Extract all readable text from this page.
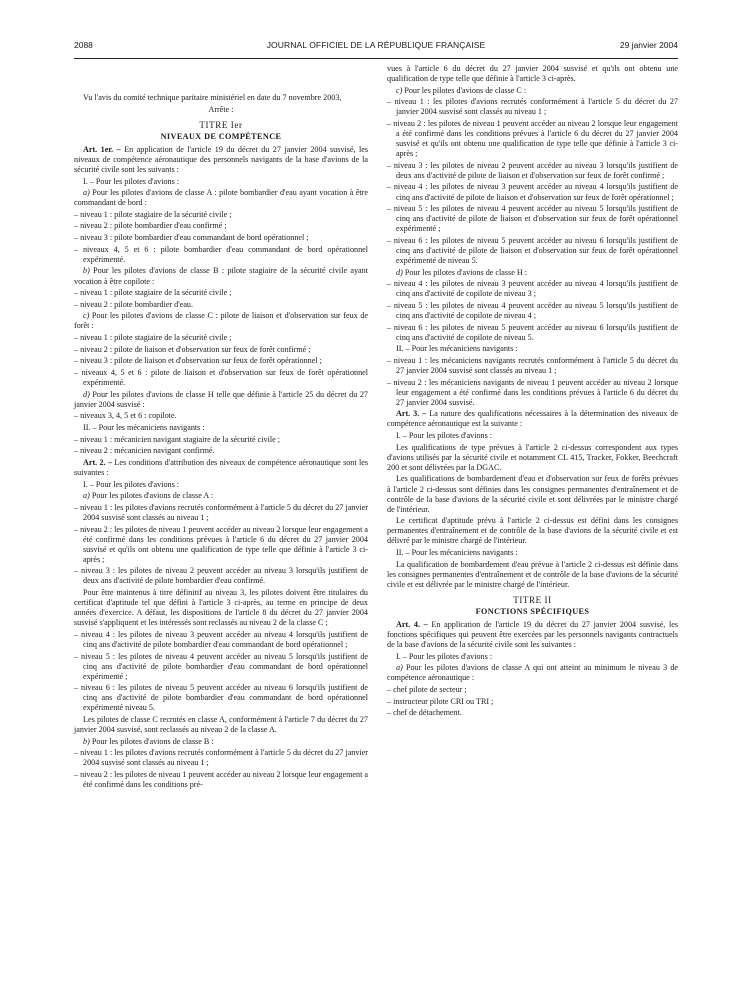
2088	JOURNAL OFFICIEL DE LA RÉPUBLIQUE FRANÇAISE	29 janvier 2004

Vu l'avis du comité technique paritaire ministériel en date du 7 novembre 2003,

Arrête :

TITRE Ier

NIVEAUX DE COMPÉTENCE

Art. 1er. – En application de l'article 19 du décret du 27 janvier 2004 susvisé, les niveaux de compétence aéronautique des personnels navigants de la base d'avions de la sécurité civile sont les suivants :

I. – Pour les pilotes d'avions :

a) Pour les pilotes d'avions de classe A : pilote bombardier d'eau ayant vocation à être commandant de bord :

– niveau 1 : pilote stagiaire de la sécurité civile ;

– niveau 2 : pilote bombardier d'eau confirmé ;

– niveau 3 : pilote bombardier d'eau commandant de bord opérationnel ;

– niveaux 4, 5 et 6 : pilote bombardier d'eau commandant de bord opérationnel expérimenté.

b) Pour les pilotes d'avions de classe B : pilote stagiaire de la sécurité civile ayant vocation à être copilote :

– niveau 1 : pilote stagiaire de la sécurité civile ;

– niveau 2 : pilote bombardier d'eau.

c) Pour les pilotes d'avions de classe C : pilote de liaison et d'observation sur feux de forêt :

– niveau 1 : pilote stagiaire de la sécurité civile ;

– niveau 2 : pilote de liaison et d'observation sur feux de forêt confirmé ;

– niveau 3 : pilote de liaison et d'observation sur feux de forêt opérationnel ;

– niveaux 4, 5 et 6 : pilote de liaison et d'observation sur feux de forêt opérationnel expérimenté.

d) Pour les pilotes d'avions de classe H telle que définie à l'article 25 du décret du 27 janvier 2004 susvisé :

– niveaux 3, 4, 5 et 6 : copilote.

II. – Pour les mécaniciens navigants :

– niveau 1 : mécanicien navigant stagiaire de la sécurité civile ;

– niveau 2 : mécanicien navigant confirmé.

Art. 2. – Les conditions d'attribution des niveaux de compétence aéronautique sont les suivantes :

I. – Pour les pilotes d'avions :

a) Pour les pilotes d'avions de classe A :

– niveau 1 : les pilotes d'avions recrutés conformément à l'article 5 du décret du 27 janvier 2004 susvisé sont classés au niveau 1 ;

– niveau 2 : les pilotes de niveau 1 peuvent accéder au niveau 2 lorsque leur engagement a été confirmé dans les conditions prévues à l'article 6 du décret du 27 janvier 2004 susvisé et qu'ils ont obtenu une qualification de type telle que définie à l'article 3 ci-après ;

– niveau 3 : les pilotes de niveau 2 peuvent accéder au niveau 3 lorsqu'ils justifient de deux ans d'activité de pilote bombardier d'eau confirmé.

Pour être maintenus à titre définitif au niveau 3, les pilotes doivent être titulaires du certificat d'aptitude tel que défini à l'article 3 ci-après, au terme en principe de deux années d'exercice. A défaut, les dispositions de l'article 8 du décret du 27 janvier 2004 susvisé s'appliquent et les intéressés sont reclassés au niveau 2 de la classe C ;

– niveau 4 : les pilotes de niveau 3 peuvent accéder au niveau 4 lorsqu'ils justifient de cinq ans d'activité de pilote bombardier d'eau commandant de bord opérationnel ;

– niveau 5 : les pilotes de niveau 4 peuvent accéder au niveau 5 lorsqu'ils justifient de cinq ans d'activité de pilote bombardier d'eau commandant de bord opérationnel expérimenté ;

– niveau 6 : les pilotes de niveau 5 peuvent accéder au niveau 6 lorsqu'ils justifient de cinq ans d'activité de pilote bombardier d'eau commandant de bord opérationnel expérimenté niveau 5.

Les pilotes de classe C recrutés en classe A, conformément à l'article 7 du décret du 27 janvier 2004 susvisé, sont reclassés au niveau 2 de la classe A.

b) Pour les pilotes d'avions de classe B :

– niveau 1 : les pilotes d'avions recrutés conformément à l'article 5 du décret du 27 janvier 2004 susvisé sont classés au niveau 1 ;

– niveau 2 : les pilotes de niveau 1 peuvent accéder au niveau 2 lorsque leur engagement a été confirmé dans les conditions pré-

vues à l'article 6 du décret du 27 janvier 2004 susvisé et qu'ils ont obtenu une qualification de type telle que définie à l'article 3 ci-après.

c) Pour les pilotes d'avions de classe C :

– niveau 1 : les pilotes d'avions recrutés conformément à l'article 5 du décret du 27 janvier 2004 susvisé sont classés au niveau 1 ;

– niveau 2 : les pilotes de niveau 1 peuvent accéder au niveau 2 lorsque leur engagement a été confirmé dans les conditions prévues à l'article 6 du décret du 27 janvier 2004 susvisé et qu'ils ont obtenu une qualification de type telle que définie à l'article 3 ci-après ;

– niveau 3 : les pilotes de niveau 2 peuvent accéder au niveau 3 lorsqu'ils justifient de deux ans d'activité de pilote de liaison et d'observation sur feux de forêt confirmé ;

– niveau 4 : les pilotes de niveau 3 peuvent accéder au niveau 4 lorsqu'ils justifient de cinq ans d'activité de pilote de liaison et d'observation sur feux de forêt opérationnel ;

– niveau 5 : les pilotes de niveau 4 peuvent accéder au niveau 5 lorsqu'ils justifient de cinq ans d'activité de pilote de liaison et d'observation sur feux de forêt opérationnel expérimenté ;

– niveau 6 : les pilotes de niveau 5 peuvent accéder au niveau 6 lorsqu'ils justifient de cinq ans d'activité de pilote de liaison et d'observation sur feux de forêt opérationnel expérimenté de niveau 5.

d) Pour les pilotes d'avions de classe H :

– niveau 4 : les pilotes de niveau 3 peuvent accéder au niveau 4 lorsqu'ils justifient de cinq ans d'activité de copilote de niveau 3 ;

– niveau 5 : les pilotes de niveau 4 peuvent accéder au niveau 5 lorsqu'ils justifient de cinq ans d'activité de copilote de niveau 4 ;

– niveau 6 : les pilotes de niveau 5 peuvent accéder au niveau 6 lorsqu'ils justifient de cinq ans d'activité de copilote de niveau 5.

II. – Pour les mécaniciens navigants :

– niveau 1 : les mécaniciens navigants recrutés conformément à l'article 5 du décret du 27 janvier 2004 susvisé sont classés au niveau 1 ;

– niveau 2 : les mécaniciens navigants de niveau 1 peuvent accéder au niveau 2 lorsque leur engagement a été confirmé dans les conditions prévues à l'article 6 du décret du 27 janvier 2004 susvisé.

Art. 3. – La nature des qualifications nécessaires à la détermination des niveaux de compétence aéronautique est la suivante :

I. – Pour les pilotes d'avions :

Les qualifications de type prévues à l'article 2 ci-dessus correspondent aux types d'avions utilisés par la sécurité civile et notamment CL 415, Tracker, Fokker, Beechcraft 200 et sont délivrées par la DGAC.

Les qualifications de bombardement d'eau et d'observation sur feux de forêts prévues à l'article 2 ci-dessus sont définies dans les consignes permanentes d'entraînement et de contrôle de la base d'avions de la sécurité civile et sont délivrées par le ministre chargé de l'intérieur.

Le certificat d'aptitude prévu à l'article 2 ci-dessus est défini dans les consignes permanentes d'entraînement et de contrôle de la base d'avions de la sécurité civile et est délivré par le ministre chargé de l'intérieur.

II. – Pour les mécaniciens navigants :

La qualification de bombardement d'eau prévue à l'article 2 ci-dessus est définie dans les consignes permanentes d'entraînement et de contrôle de la base d'avions de la sécurité civile et est délivrée par le ministre chargé de l'intérieur.

TITRE II

FONCTIONS SPÉCIFIQUES

Art. 4. – En application de l'article 19 du décret du 27 janvier 2004 susvisé, les fonctions spécifiques qui peuvent être exercées par les personnels navigants contractuels de la base d'avions de la sécurité civile sont les suivantes :

I. – Pour les pilotes d'avions :

a) Pour les pilotes d'avions de classe A qui ont atteint au minimum le niveau 3 de compétence aéronautique :

– chef pilote de secteur ;

– instructeur pilote CRI ou TRI ;

– chef de détachement.
